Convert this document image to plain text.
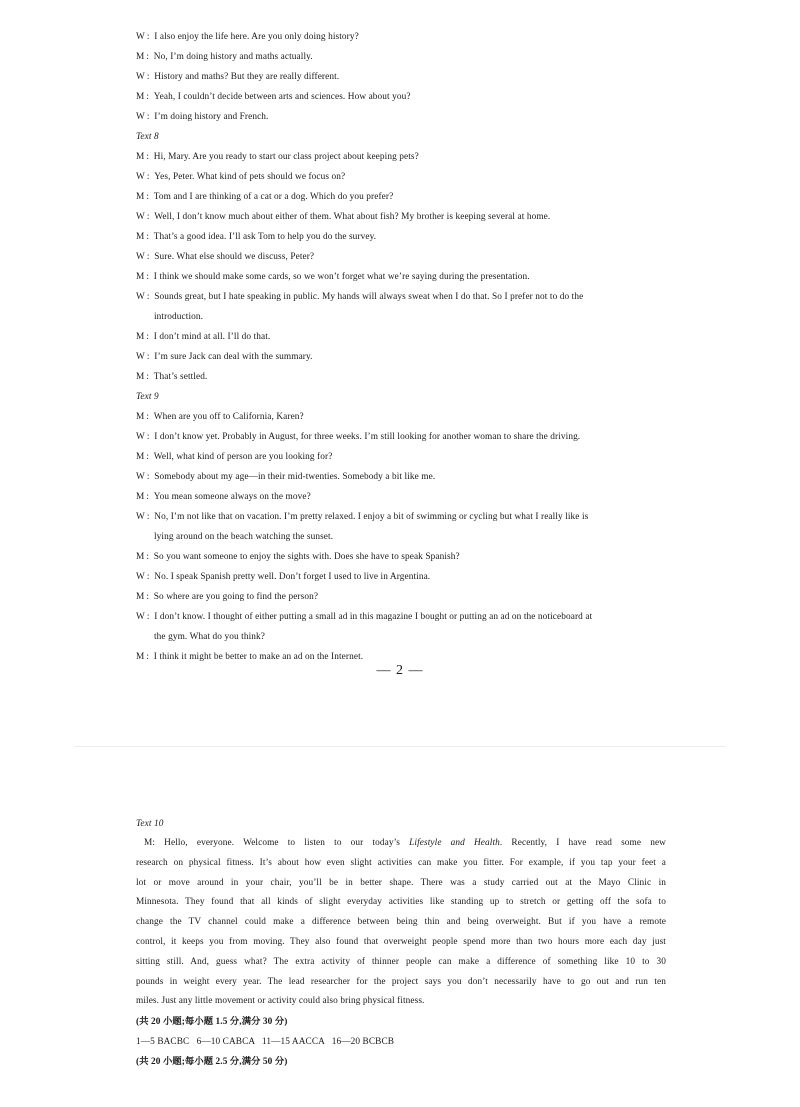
W : I also enjoy the life here. Are you only doing history?
M : No, I’m doing history and maths actually.
W : History and maths? But they are really different.
M : Yeah, I couldn’t decide between arts and sciences. How about you?
W : I’m doing history and French.
Text 8
M : Hi, Mary. Are you ready to start our class project about keeping pets?
W : Yes, Peter. What kind of pets should we focus on?
M : Tom and I are thinking of a cat or a dog. Which do you prefer?
W : Well, I don’t know much about either of them. What about fish? My brother is keeping several at home.
M : That’s a good idea. I’ll ask Tom to help you do the survey.
W : Sure. What else should we discuss, Peter?
M : I think we should make some cards, so we won’t forget what we’re saying during the presentation.
W : Sounds great, but I hate speaking in public. My hands will always sweat when I do that. So I prefer not to do the
introduction.
M : I don’t mind at all. I’ll do that.
W : I’m sure Jack can deal with the summary.
M : That’s settled.
Text 9
M : When are you off to California, Karen?
W : I don’t know yet. Probably in August, for three weeks. I’m still looking for another woman to share the driving.
M : Well, what kind of person are you looking for?
W : Somebody about my age—in their mid-twenties. Somebody a bit like me.
M : You mean someone always on the move?
W : No, I’m not like that on vacation. I’m pretty relaxed. I enjoy a bit of swimming or cycling but what I really like is
lying around on the beach watching the sunset.
M : So you want someone to enjoy the sights with. Does she have to speak Spanish?
W : No. I speak Spanish pretty well. Don’t forget I used to live in Argentina.
M : So where are you going to find the person?
W : I don’t know. I thought of either putting a small ad in this magazine I bought or putting an ad on the noticeboard at
the gym. What do you think?
M : I think it might be better to make an ad on the Internet.
— 2 —
Text 10
M: Hello, everyone. Welcome to listen to our today’s Lifestyle and Health. Recently, I have read some new
research on physical fitness. It’s about how even slight activities can make you fitter. For example, if you tap your feet a
lot or move around in your chair, you’ll be in better shape. There was a study carried out at the Mayo Clinic in
Minnesota. They found that all kinds of slight everyday activities like standing up to stretch or getting off the sofa to
change the TV channel could make a difference between being thin and being overweight. But if you have a remote
control, it keeps you from moving. They also found that overweight people spend more than two hours more each day just
sitting still. And, guess what? The extra activity of thinner people can make a difference of something like 10 to 30
pounds in weight every year. The lead researcher for the project says you don’t necessarily have to go out and run ten
miles. Just any little movement or activity could also bring physical fitness.
(共 20 小题;每小题 1.5 分,满分 30 分)
1—5 BACBC   6—10 CABCA   11—15 AACCA   16—20 BCBCB
(共 20 小题;每小题 2.5 分,满分 50 分)
